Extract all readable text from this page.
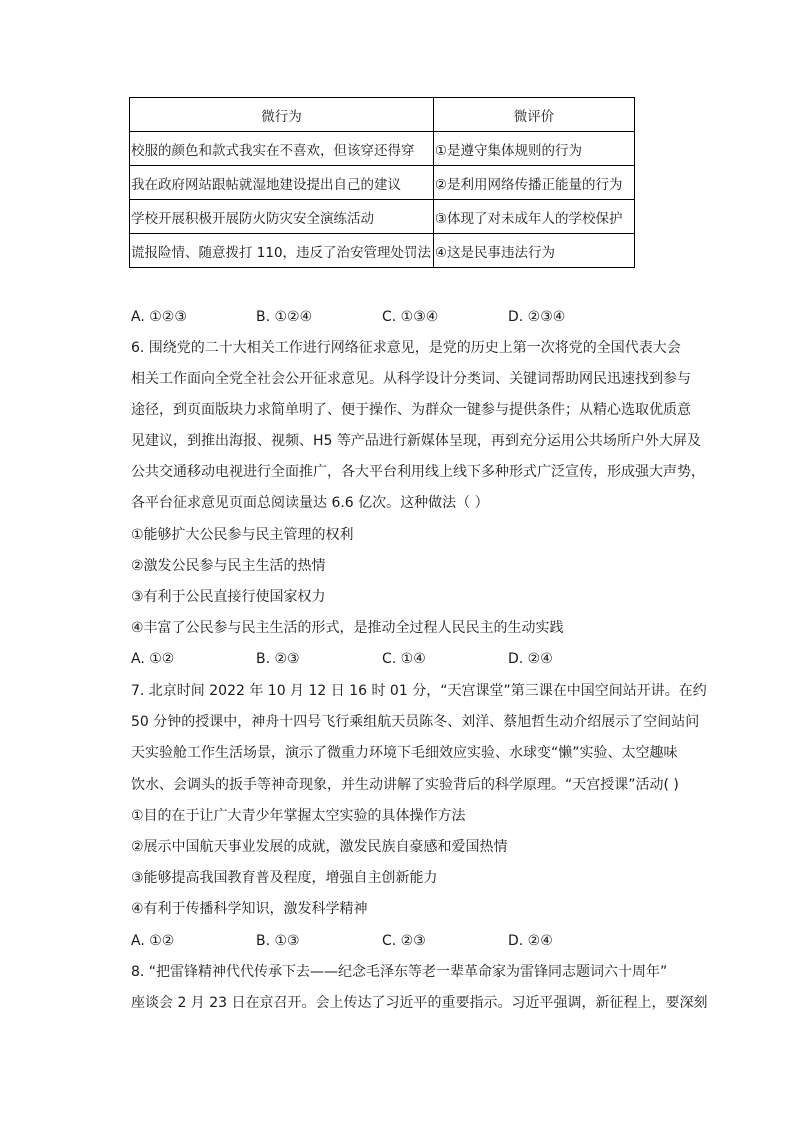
微行为	微评价
校服的颜色和款式我实在不喜欢，但该穿还得穿	①是遵守集体规则的行为
我在政府网站跟帖就湿地建设提出自己的建议	②是利用网络传播正能量的行为
学校开展积极开展防火防灾安全演练活动	③体现了对未成年人的学校保护
谎报险情、随意拨打 110，违反了治安管理处罚法	④这是民事违法行为
A. ①②③	B. ①②④	C. ①③④	D. ②③④
6. 围绕党的二十大相关工作进行网络征求意见，是党的历史上第一次将党的全国代表大会
相关工作面向全党全社会公开征求意见。从科学设计分类词、关键词帮助网民迅速找到参与
途径，到页面版块力求简单明了、便于操作、为群众一键参与提供条件；从精心选取优质意
见建议，到推出海报、视频、H5 等产品进行新媒体呈现，再到充分运用公共场所户外大屏及
公共交通移动电视进行全面推广，各大平台利用线上线下多种形式广泛宣传，形成强大声势，
各平台征求意见页面总阅读量达 6.6 亿次。这种做法（ ）
①能够扩大公民参与民主管理的权利
②激发公民参与民主生活的热情
③有利于公民直接行使国家权力
④丰富了公民参与民主生活的形式，是推动全过程人民民主的生动实践
A. ①②	B. ②③	C. ①④	D. ②④
7. 北京时间 2022 年 10 月 12 日 16 时 01 分，“天宫课堂”第三课在中国空间站开讲。在约
50 分钟的授课中，神舟十四号飞行乘组航天员陈冬、刘洋、蔡旭哲生动介绍展示了空间站问
天实验舱工作生活场景，演示了微重力环境下毛细效应实验、水球变“懒”实验、太空趣味
饮水、会调头的扳手等神奇现象，并生动讲解了实验背后的科学原理。“天宫授课”活动( )
①目的在于让广大青少年掌握太空实验的具体操作方法
②展示中国航天事业发展的成就，激发民族自豪感和爱国热情
③能够提高我国教育普及程度，增强自主创新能力
④有利于传播科学知识，激发科学精神
A. ①②	B. ①③	C. ②③	D. ②④
8. “把雷锋精神代代传承下去——纪念毛泽东等老一辈革命家为雷锋同志题词六十周年”
座谈会 2 月 23 日在京召开。会上传达了习近平的重要指示。习近平强调，新征程上，要深刻
